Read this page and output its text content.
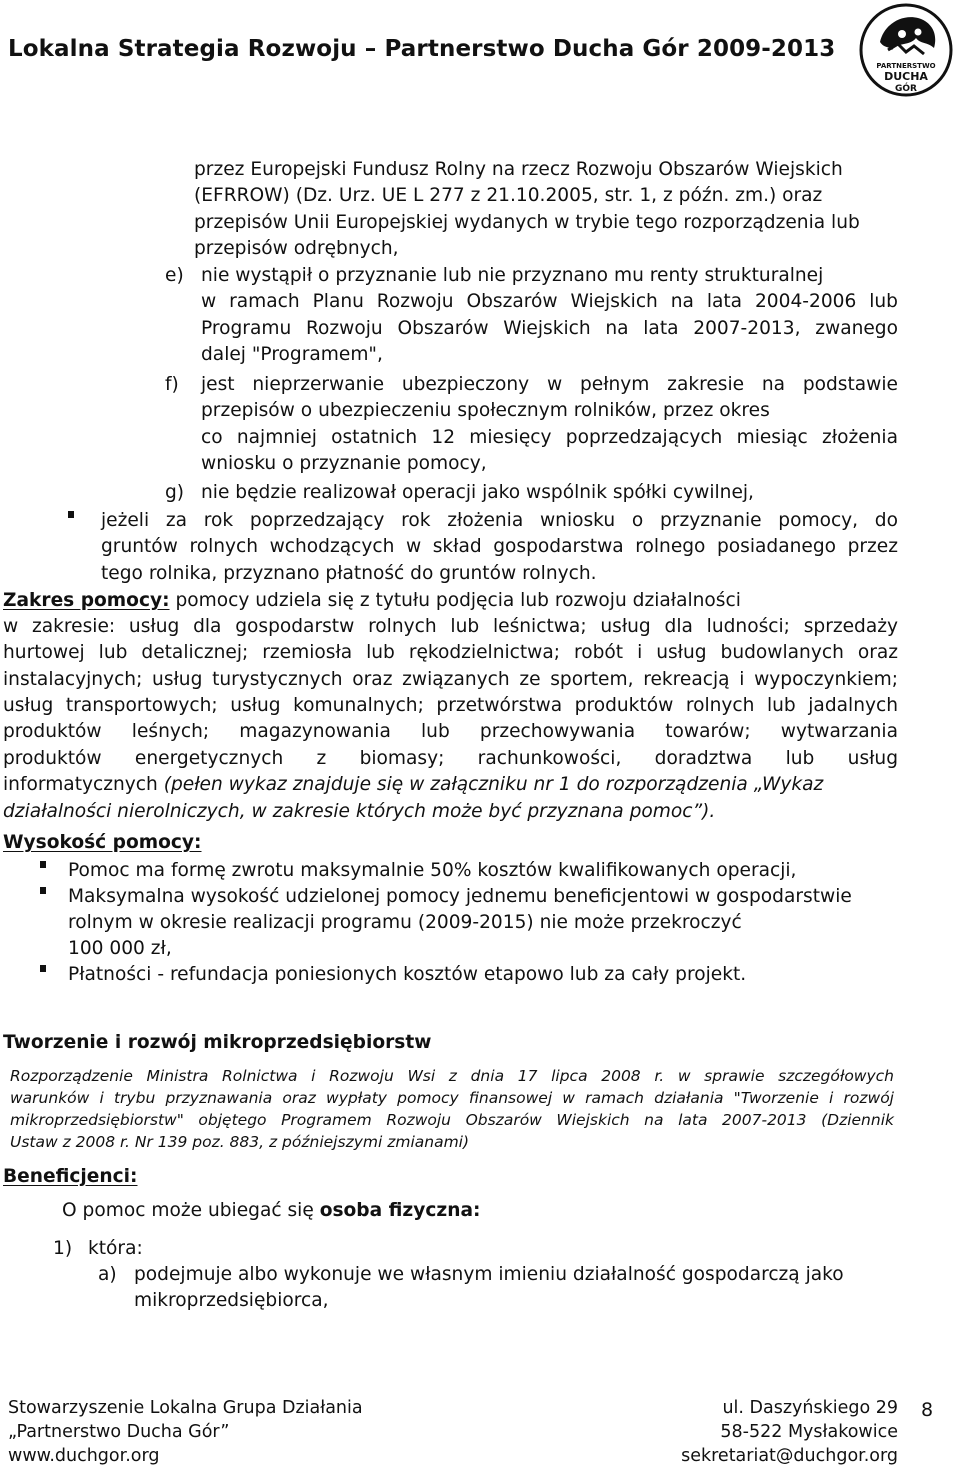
Lokalna Strategia Rozwoju – Partnerstwo Ducha Gór 2009-2013
PARTNERSTWO
DUCHA
GÓR
przez Europejski Fundusz Rolny na rzecz Rozwoju Obszarów Wiejskich
(EFRROW) (Dz. Urz. UE L 277 z 21.10.2005, str. 1, z późn. zm.) oraz
przepisów Unii Europejskiej wydanych w trybie tego rozporządzenia lub
przepisów odrębnych,
e) nie wystąpił o przyznanie lub nie przyznano mu renty strukturalnej
w ramach Planu Rozwoju Obszarów Wiejskich na lata 2004-2006 lub
Programu Rozwoju Obszarów Wiejskich na lata 2007-2013, zwanego
dalej "Programem",
f) jest nieprzerwanie ubezpieczony w pełnym zakresie na podstawie
przepisów o ubezpieczeniu społecznym rolników, przez okres
co najmniej ostatnich 12 miesięcy poprzedzających miesiąc złożenia
wniosku o przyznanie pomocy,
g) nie będzie realizował operacji jako wspólnik spółki cywilnej,
jeżeli za rok poprzedzający rok złożenia wniosku o przyznanie pomocy, do
gruntów rolnych wchodzących w skład gospodarstwa rolnego posiadanego przez
tego rolnika, przyznano płatność do gruntów rolnych.
Zakres pomocy: pomocy udziela się z tytułu podjęcia lub rozwoju działalności
w zakresie: usług dla gospodarstw rolnych lub leśnictwa; usług dla ludności; sprzedaży
hurtowej lub detalicznej; rzemiosła lub rękodzielnictwa; robót i usług budowlanych oraz
instalacyjnych; usług turystycznych oraz związanych ze sportem, rekreacją i wypoczynkiem;
usług transportowych; usług komunalnych; przetwórstwa produktów rolnych lub jadalnych
produktów leśnych; magazynowania lub przechowywania towarów; wytwarzania
produktów energetycznych z biomasy; rachunkowości, doradztwa lub usług
informatycznych (pełen wykaz znajduje się w załączniku nr 1 do rozporządzenia „Wykaz
działalności nierolniczych, w zakresie których może być przyznana pomoc”).
Wysokość pomocy:
Pomoc ma formę zwrotu maksymalnie 50% kosztów kwalifikowanych operacji,
Maksymalna wysokość udzielonej pomocy jednemu beneficjentowi w gospodarstwie
rolnym w okresie realizacji programu (2009-2015) nie może przekroczyć
100 000 zł,
Płatności - refundacja poniesionych kosztów etapowo lub za cały projekt.
Tworzenie i rozwój mikroprzedsiębiorstw
Rozporządzenie Ministra Rolnictwa i Rozwoju Wsi z dnia 17 lipca 2008 r. w sprawie szczegółowych
warunków i trybu przyznawania oraz wypłaty pomocy finansowej w ramach działania "Tworzenie i rozwój
mikroprzedsiębiorstw" objętego Programem Rozwoju Obszarów Wiejskich na lata 2007-2013 (Dziennik
Ustaw z 2008 r. Nr 139 poz. 883, z późniejszymi zmianami)
Beneficjenci:
O pomoc może ubiegać się osoba fizyczna:
1) która:
a) podejmuje albo wykonuje we własnym imieniu działalność gospodarczą jako
mikroprzedsiębiorca,
Stowarzyszenie Lokalna Grupa Działania
„Partnerstwo Ducha Gór”
www.duchgor.org
ul. Daszyńskiego 29
58-522 Mysłakowice
sekretariat@duchgor.org
8
